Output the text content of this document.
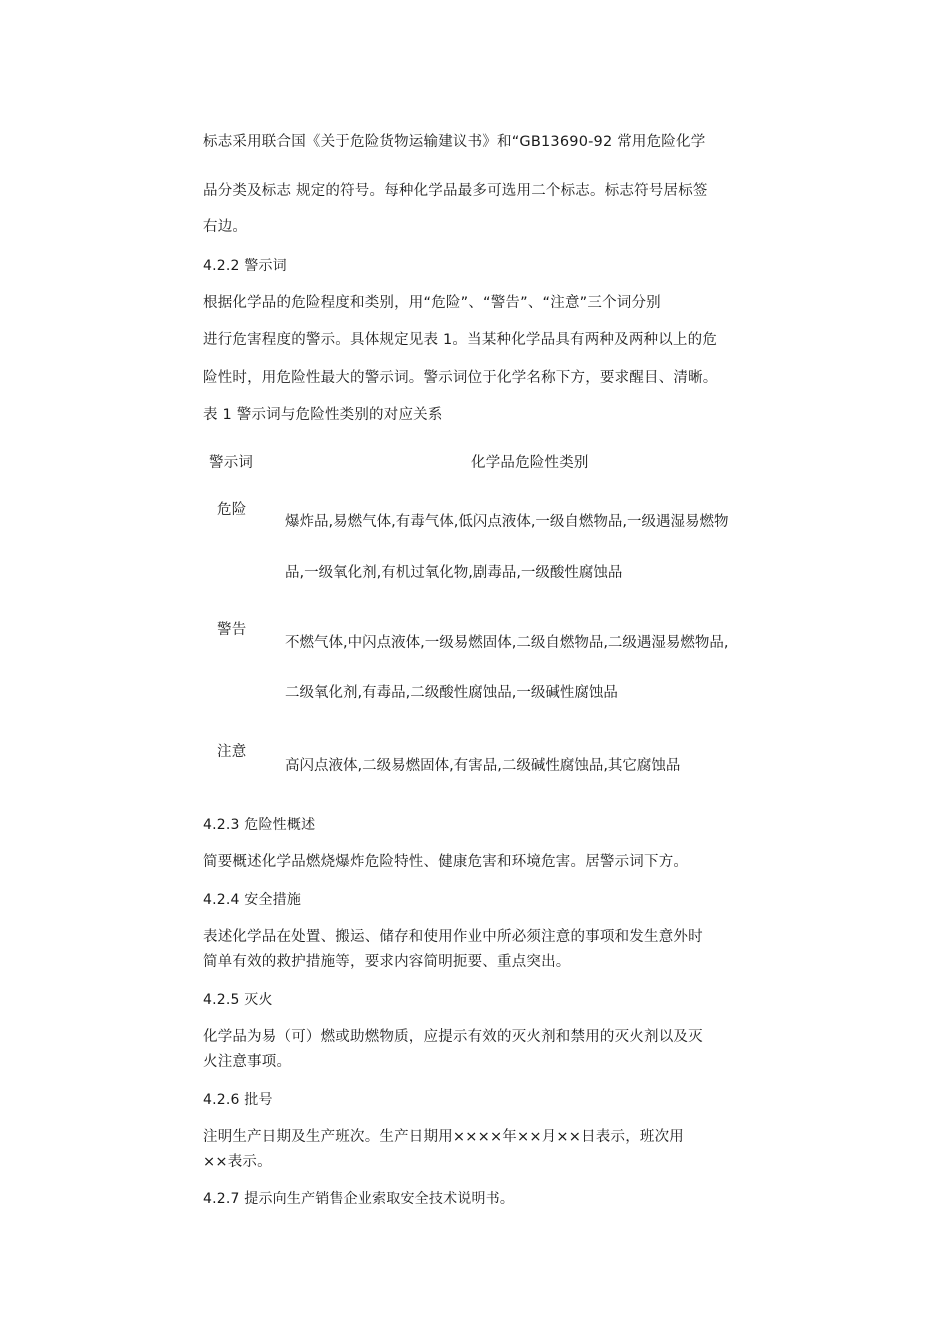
标志采用联合国《关于危险货物运输建议书》和“GB13690-92 常用危险化学
品分类及标志 规定的符号。每种化学品最多可选用二个标志。标志符号居标签
右边。
4.2.2 警示词
根据化学品的危险程度和类别，用“危险”、“警告”、“注意”三个词分别
进行危害程度的警示。具体规定见表 1。当某种化学品具有两种及两种以上的危
险性时，用危险性最大的警示词。警示词位于化学名称下方，要求醒目、清晰。
表 1 警示词与危险性类别的对应关系
警示词	化学品危险性类别
危险
爆炸品,易燃气体,有毒气体,低闪点液体,一级自燃物品,一级遇湿易燃物
品,一级氧化剂,有机过氧化物,剧毒品,一级酸性腐蚀品
警告
不燃气体,中闪点液体,一级易燃固体,二级自燃物品,二级遇湿易燃物品,
二级氧化剂,有毒品,二级酸性腐蚀品,一级碱性腐蚀品
注意
高闪点液体,二级易燃固体,有害品,二级碱性腐蚀品,其它腐蚀品
4.2.3 危险性概述
简要概述化学品燃烧爆炸危险特性、健康危害和环境危害。居警示词下方。
4.2.4 安全措施
表述化学品在处置、搬运、储存和使用作业中所必须注意的事项和发生意外时
简单有效的救护措施等，要求内容简明扼要、重点突出。
4.2.5 灭火
化学品为易（可）燃或助燃物质，应提示有效的灭火剂和禁用的灭火剂以及灭
火注意事项。
4.2.6 批号
注明生产日期及生产班次。生产日期用××××年××月××日表示，班次用
××表示。
4.2.7 提示向生产销售企业索取安全技术说明书。
